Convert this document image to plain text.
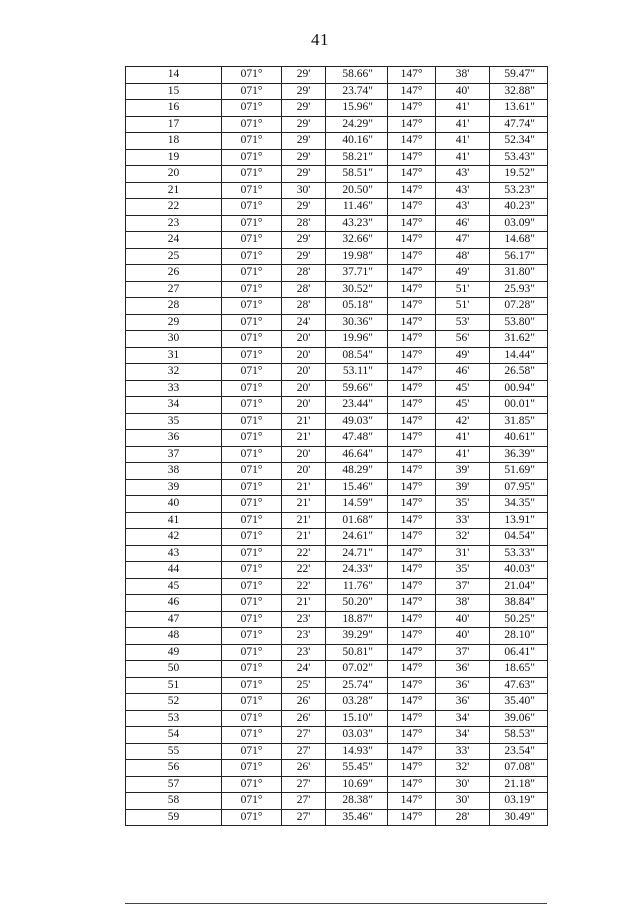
41
14	071°	29'	58.66"	147°	38'	59.47"
15	071°	29'	23.74"	147°	40'	32.88"
16	071°	29'	15.96"	147°	41'	13.61"
17	071°	29'	24.29"	147°	41'	47.74"
18	071°	29'	40.16"	147°	41'	52.34"
19	071°	29'	58.21"	147°	41'	53.43"
20	071°	29'	58.51"	147°	43'	19.52"
21	071°	30'	20.50"	147°	43'	53.23"
22	071°	29'	11.46"	147°	43'	40.23"
23	071°	28'	43.23"	147°	46'	03.09"
24	071°	29'	32.66"	147°	47'	14.68"
25	071°	29'	19.98"	147°	48'	56.17"
26	071°	28'	37.71"	147°	49'	31.80"
27	071°	28'	30.52"	147°	51'	25.93"
28	071°	28'	05.18"	147°	51'	07.28"
29	071°	24'	30.36"	147°	53'	53.80"
30	071°	20'	19.96"	147°	56'	31.62"
31	071°	20'	08.54"	147°	49'	14.44"
32	071°	20'	53.11"	147°	46'	26.58"
33	071°	20'	59.66"	147°	45'	00.94"
34	071°	20'	23.44"	147°	45'	00.01"
35	071°	21'	49.03"	147°	42'	31.85"
36	071°	21'	47.48"	147°	41'	40.61"
37	071°	20'	46.64"	147°	41'	36.39"
38	071°	20'	48.29"	147°	39'	51.69"
39	071°	21'	15.46"	147°	39'	07.95"
40	071°	21'	14.59"	147°	35'	34.35"
41	071°	21'	01.68"	147°	33'	13.91"
42	071°	21'	24.61"	147°	32'	04.54"
43	071°	22'	24.71"	147°	31'	53.33"
44	071°	22'	24.33"	147°	35'	40.03"
45	071°	22'	11.76"	147°	37'	21.04"
46	071°	21'	50.20"	147°	38'	38.84"
47	071°	23'	18.87"	147°	40'	50.25"
48	071°	23'	39.29"	147°	40'	28.10"
49	071°	23'	50.81"	147°	37'	06.41"
50	071°	24'	07.02"	147°	36'	18.65"
51	071°	25'	25.74"	147°	36'	47.63"
52	071°	26'	03.28"	147°	36'	35.40"
53	071°	26'	15.10"	147°	34'	39.06"
54	071°	27'	03.03"	147°	34'	58.53"
55	071°	27'	14.93"	147°	33'	23.54"
56	071°	26'	55.45"	147°	32'	07.08"
57	071°	27'	10.69"	147°	30'	21.18"
58	071°	27'	28.38"	147°	30'	03.19"
59	071°	27'	35.46"	147°	28'	30.49"
